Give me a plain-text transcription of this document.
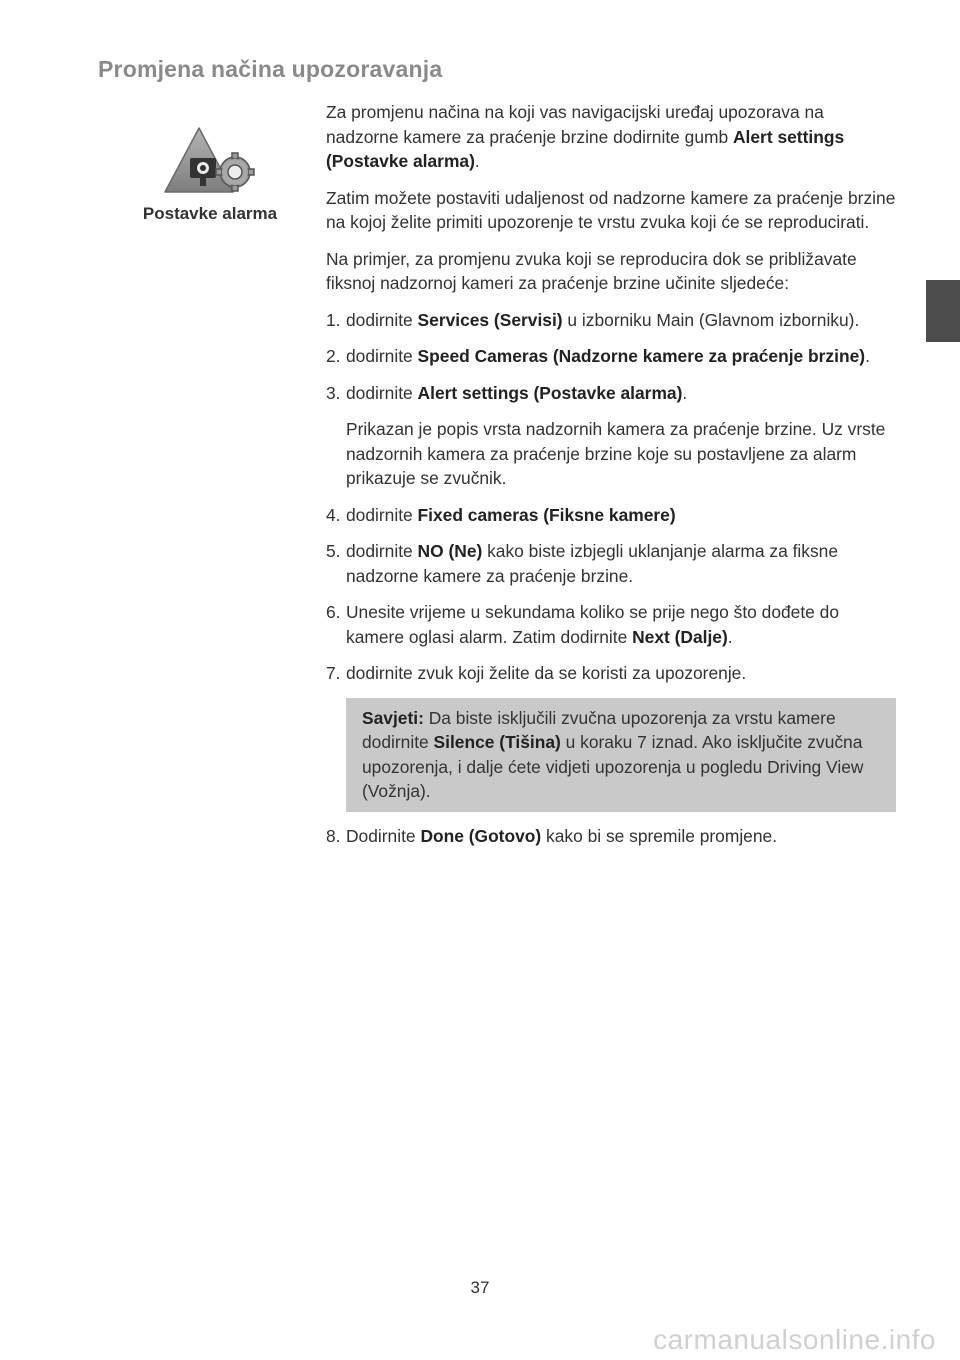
Promjena načina upozoravanja
Postavke alarma

Za promjenu načina na koji vas navigacijski uređaj upozorava na nadzorne kamere za praćenje brzine dodirnite gumb Alert settings (Postavke alarma).

Zatim možete postaviti udaljenost od nadzorne kamere za praćenje brzine na kojoj želite primiti upozorenje te vrstu zvuka koji će se reproducirati.

Na primjer, za promjenu zvuka koji se reproducira dok se približavate fiksnoj nadzornoj kameri za praćenje brzine učinite sljedeće:

1. dodirnite Services (Servisi) u izborniku Main (Glavnom izborniku).
2. dodirnite Speed Cameras (Nadzorne kamere za praćenje brzine).
3. dodirnite Alert settings (Postavke alarma).

Prikazan je popis vrsta nadzornih kamera za praćenje brzine. Uz vrste nadzornih kamera za praćenje brzine koje su postavljene za alarm prikazuje se zvučnik.

4. dodirnite Fixed cameras (Fiksne kamere)
5. dodirnite NO (Ne) kako biste izbjegli uklanjanje alarma za fiksne nadzorne kamere za praćenje brzine.
6. Unesite vrijeme u sekundama koliko se prije nego što dođete do kamere oglasi alarm. Zatim dodirnite Next (Dalje).
7. dodirnite zvuk koji želite da se koristi za upozorenje.
Savjeti: Da biste isključili zvučna upozorenja za vrstu kamere dodirnite Silence (Tišina) u koraku 7 iznad. Ako isključite zvučna upozorenja, i dalje ćete vidjeti upozorenja u pogledu Driving View (Vožnja).
8. Dodirnite Done (Gotovo) kako bi se spremile promjene.
37
carmanualsonline.info
